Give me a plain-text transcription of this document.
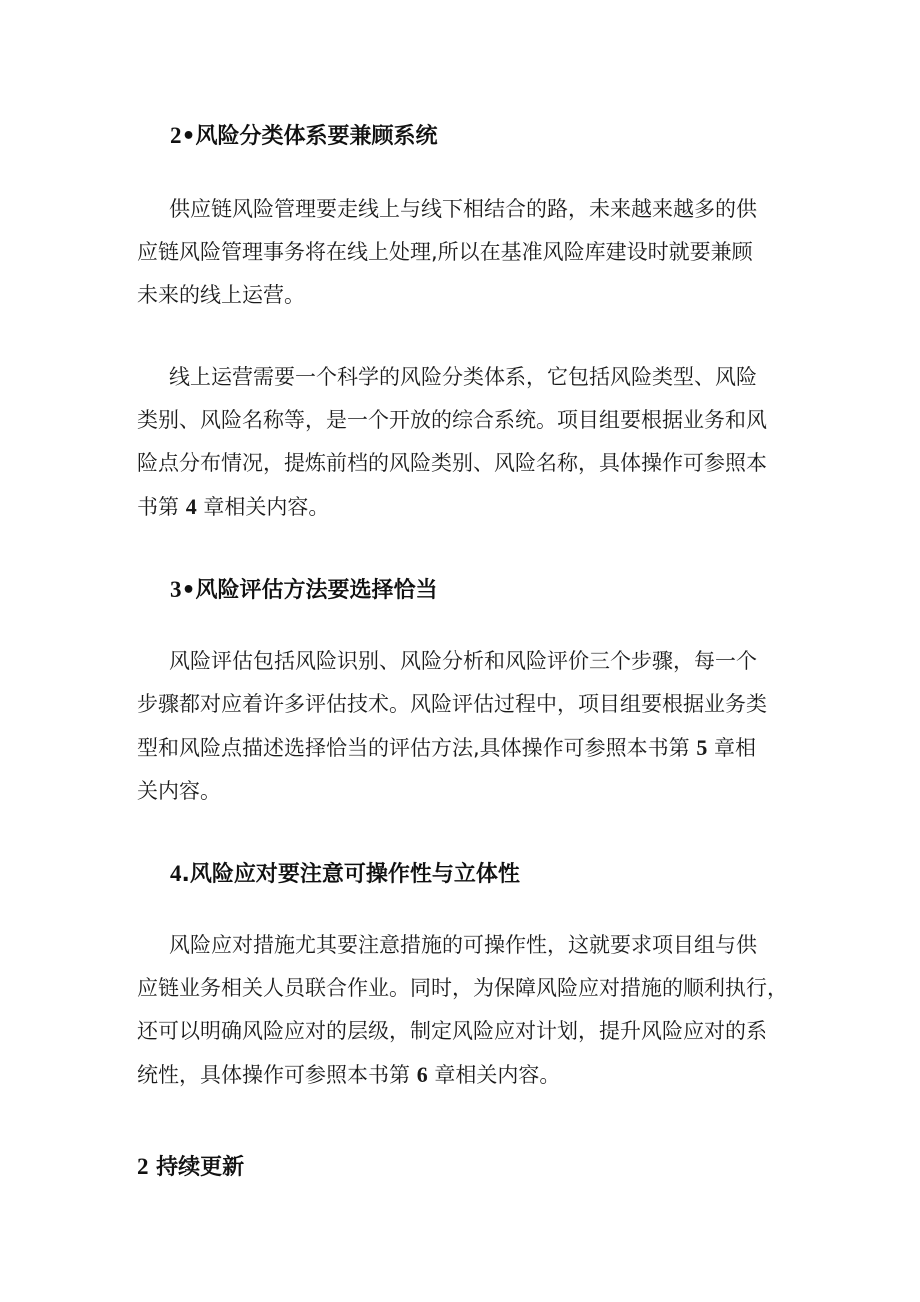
2•风险分类体系要兼顾系统

供应链风险管理要走线上与线下相结合的路，未来越来越多的供
应链风险管理事务将在线上处理,所以在基准风险库建设时就要兼顾
未来的线上运营。

线上运营需要一个科学的风险分类体系，它包括风险类型、风险
类别、风险名称等，是一个开放的综合系统。项目组要根据业务和风
险点分布情况，提炼前档的风险类别、风险名称，具体操作可参照本
书第 4 章相关内容。

3•风险评估方法要选择恰当

风险评估包括风险识别、风险分析和风险评价三个步骤，每一个
步骤都对应着许多评估技术。风险评估过程中，项目组要根据业务类
型和风险点描述选择恰当的评估方法,具体操作可参照本书第 5 章相
关内容。

4.风险应对要注意可操作性与立体性

风险应对措施尤其要注意措施的可操作性，这就要求项目组与供
应链业务相关人员联合作业。同时，为保障风险应对措施的顺利执行，
还可以明确风险应对的层级，制定风险应对计划，提升风险应对的系
统性，具体操作可参照本书第 6 章相关内容。

2 持续更新
